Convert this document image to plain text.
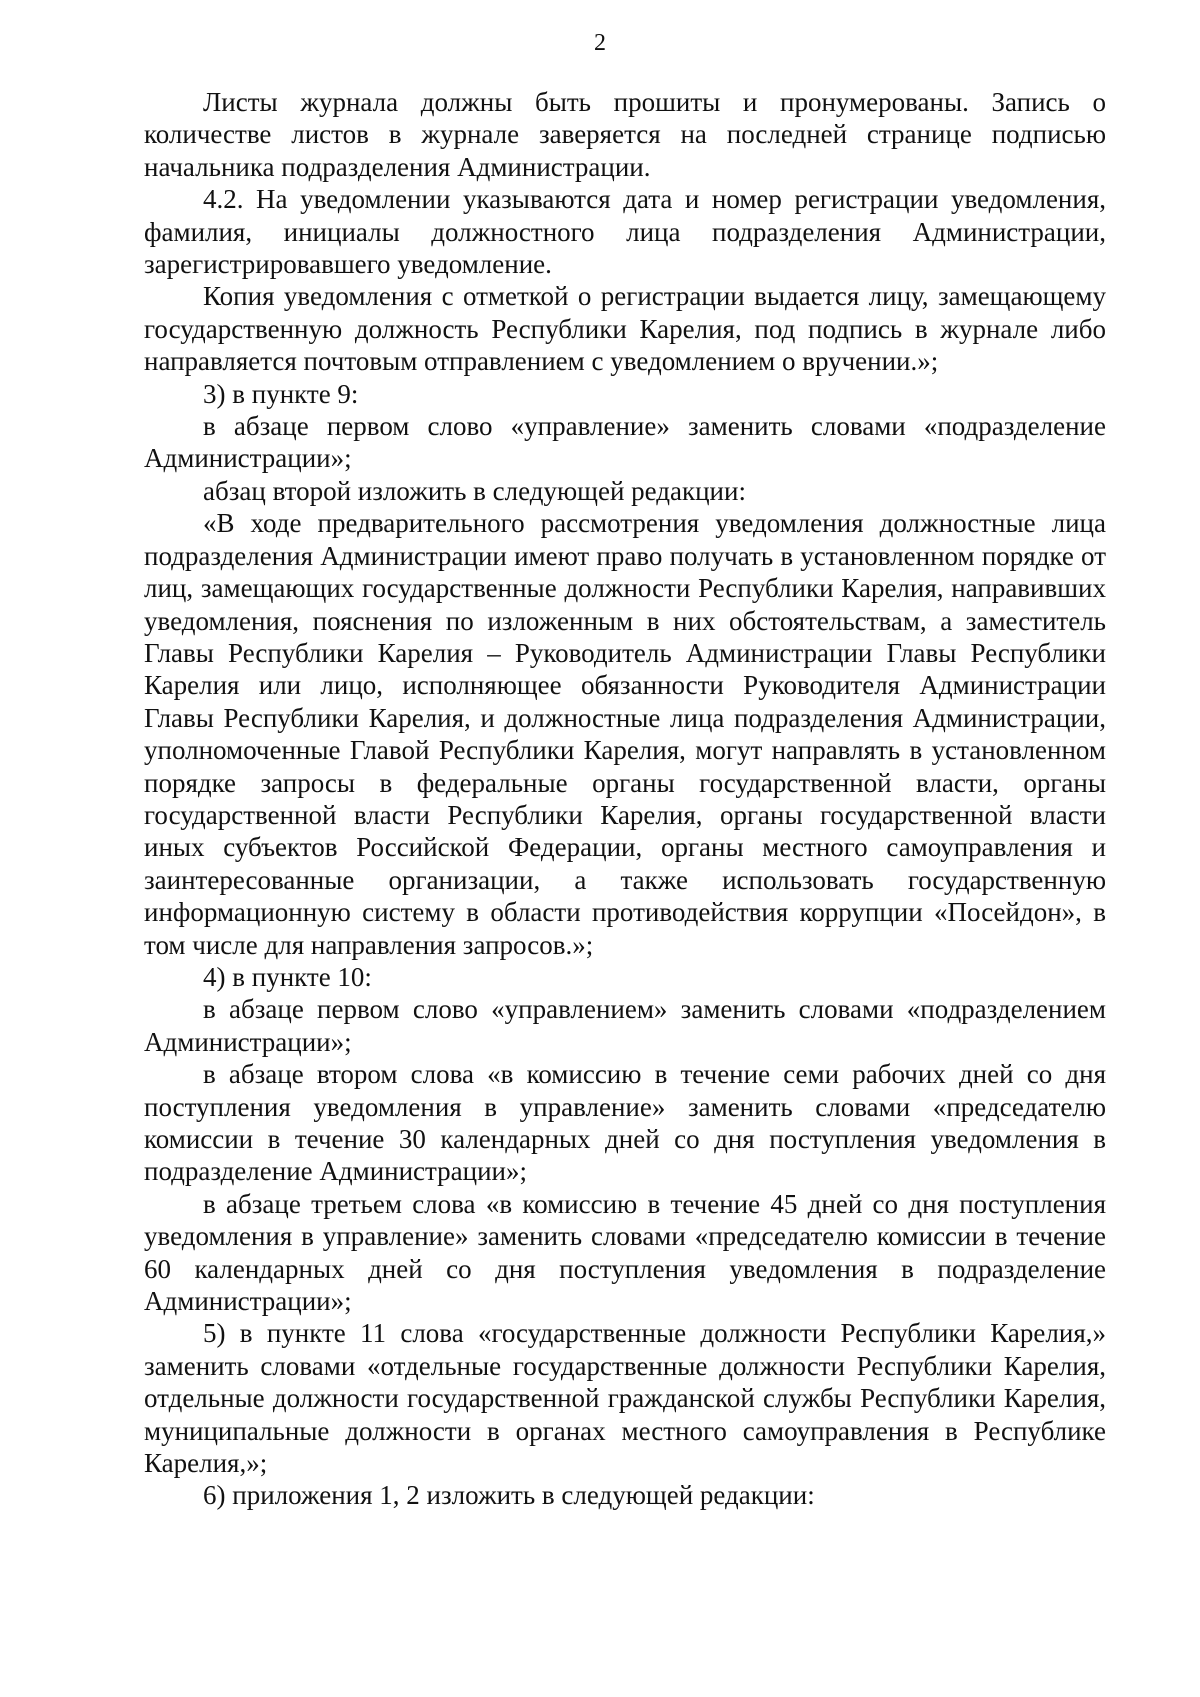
2

Листы журнала должны быть прошиты и пронумерованы. Запись о количестве листов в журнале заверяется на последней странице подписью начальника подразделения Администрации.

4.2. На уведомлении указываются дата и номер регистрации уведомления, фамилия, инициалы должностного лица подразделения Администрации, зарегистрировавшего уведомление.

Копия уведомления с отметкой о регистрации выдается лицу, замещающему государственную должность Республики Карелия, под подпись в журнале либо направляется почтовым отправлением с уведомлением о вручении.»;

3) в пункте 9:

в абзаце первом слово «управление» заменить словами «подразделение Администрации»;

абзац второй изложить в следующей редакции:

«В ходе предварительного рассмотрения уведомления должностные лица подразделения Администрации имеют право получать в установленном порядке от лиц, замещающих государственные должности Республики Карелия, направивших уведомления, пояснения по изложенным в них обстоятельствам, а заместитель Главы Республики Карелия – Руководитель Администрации Главы Республики Карелия или лицо, исполняющее обязанности Руководителя Администрации Главы Республики Карелия, и должностные лица подразделения Администрации, уполномоченные Главой Республики Карелия, могут направлять в установленном порядке запросы в федеральные органы государственной власти, органы государственной власти Республики Карелия, органы государственной власти иных субъектов Российской Федерации, органы местного самоуправления и заинтересованные организации, а также использовать государственную информационную систему в области противодействия коррупции «Посейдон», в том числе для направления запросов.»;

4) в пункте 10:

в абзаце первом слово «управлением» заменить словами «подразделением Администрации»;

в абзаце втором слова «в комиссию в течение семи рабочих дней со дня поступления уведомления в управление» заменить словами «председателю комиссии в течение 30 календарных дней со дня поступления уведомления в подразделение Администрации»;

в абзаце третьем слова «в комиссию в течение 45 дней со дня поступления уведомления в управление» заменить словами «председателю комиссии в течение 60 календарных дней со дня поступления уведомления в подразделение Администрации»;

5) в пункте 11 слова «государственные должности Республики Карелия,» заменить словами «отдельные государственные должности Республики Карелия, отдельные должности государственной гражданской службы Республики Карелия, муниципальные должности в органах местного самоуправления в Республике Карелия,»;

6) приложения 1, 2 изложить в следующей редакции:
